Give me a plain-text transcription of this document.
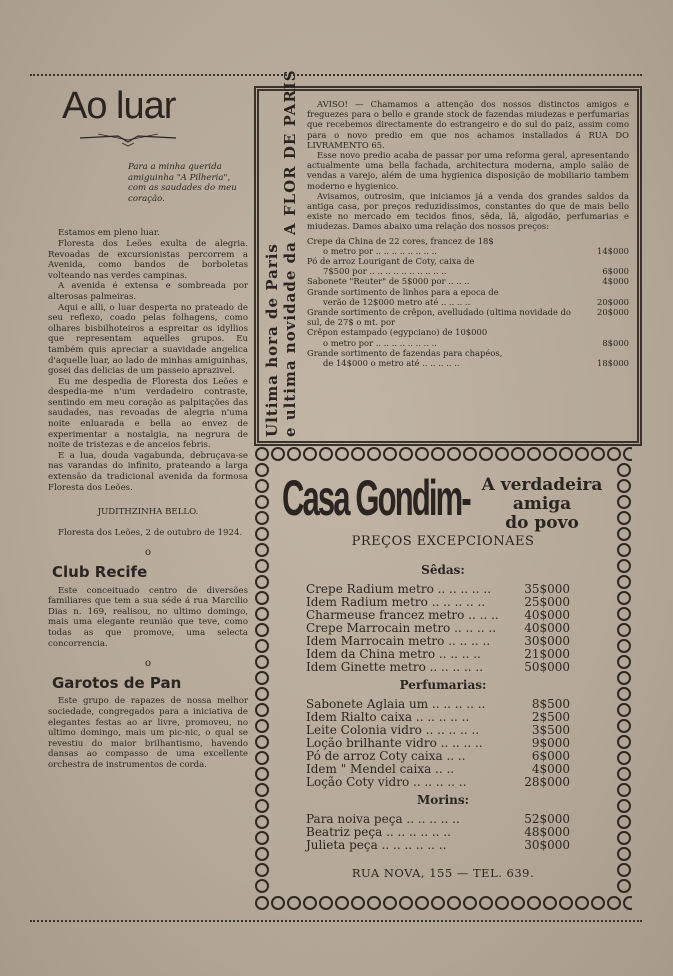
Ao luar
Para a minha querida
amiguinha "A Pilheria",
com as saudades do meu
coração.

Estamos em pleno luar.

Floresta dos Leões exulta de alegria. Revoadas de excursionistas percorrem a Avenida, como bandos de borboletas volteando nas verdes campinas.

A avenida é extensa e sombreada por alterosas palmeiras.

Aqui e alli, o luar desperta no prateado de seu reflexo, coado pelas folhagens, como olhares bisbilhoteiros a espreitar os idyllios que representam aquelles grupos. Eu também quis apreciar a suavidade angelica d'aquelle luar, ao lado de minhas amiguinhas, gosei das delicias de um passeio aprazivel.

Eu me despedia de Floresta dos Leões e despedia-me n'um verdadeiro contraste, sentindo em meu coração as palpitações das saudades, nas revoadas de alegria n'uma noite enluarada e bella ao envez de experimentar a nostalgia, na negrura de noite de tristezas e de anceios febris.

E a lua, douda vagabunda, debruçava-se nas varandas do infinito, prateando a larga extensão da tradicional avenida da formosa Floresta dos Leões.

JUDITHZINHA BELLO.

Floresta dos Leões, 2 de outubro de 1924.

o
Club Recife

Este conceituado centro de diversões familiares que tem a sua séde á rua Marcilio Dias n. 169, realisou, no ultimo domingo, mais uma elegante reunião que teve, como todas as que promove, uma selecta concorrencia.

o
Garotos de Pan

Este grupo de rapazes de nossa melhor sociedade, congregados para a iniciativa de elegantes festas ao ar livre, promoveu, no ultimo domingo, mais um pic-nic, o qual se revestiu do maior brilhantismo, havendo dansas ao compasso de uma excellente orchestra de instrumentos de corda.

Ultima hora de Paris e ultima novidade da A FLOR DE PARIS	AVISO! — Chamamos a attenção dos nossos distinctos amigos e freguezes para o bello e grande stock de fazendas miudezas e perfumarias que recebemos directamente do estrangeiro e do sul do paiz, assim como para o novo predio em que nos achamos installados á RUA DO LIVRAMENTO 65.

Esse novo predio acaba de passar por uma reforma geral, apresentando actualmente uma bella fachada, architectura moderna, amplo salão de vendas a varejo, além de uma hygienica disposição de mobiliario tambem moderno e hygienico.

Avisamos, outrosim, que iniciamos já a venda dos grandes saldos da antiga casa, por preços reduzidissimos, constantes do que de mais bello existe no mercado em tecidos finos, sêda, lã, algodão, perfumarias e miudezas. Damos abaixo uma relação dos nossos preços:

Crepe da China de 22 cores, francez de 18$
o metro por .. .. .. .. .. .. .. ..	14$000
Pó de arroz Lourigant de Coty, caixa de
7$500 por .. .. .. .. .. .. .. .. .. ..	6$000
Sabonete "Reuter" de 5$000 por .. .. ..	4$000
Grande sortimento de linhos para a epoca de
verão de 12$000 metro até .. .. .. ..	20$000
Grande sortimento de crêpon, avelludado (ultima novidade do sul, de 27$ o mt. por
20$000
Crêpon estampado (egypciano) de 10$000
o metro por .. .. .. .. .. .. .. ..	8$000
Grande sortimento de fazendas para chapéos,
de 14$000 o metro até .. .. .. .. ..	18$000
Casa Gondim- A verdadeira
amiga
do povo
PREÇOS EXCEPCIONAES
Sêdas:
Crepe Radium metro .. .. .. .. ..	35$000
Idem Radium metro .. .. .. .. ..	25$000
Charmeuse francez metro .. .. ..	40$000
Crepe Marrocain metro .. .. .. ..	40$000
Idem Marrocain metro .. .. .. ..	30$000
Idem da China metro .. .. .. ..	21$000
Idem Ginette metro .. .. .. .. ..	50$000
Perfumarias:
Sabonete Aglaia um .. .. .. .. ..	8$500
Idem Rialto caixa .. .. .. .. ..	2$500
Leite Colonia vidro .. .. .. .. ..	3$500
Loção brilhante vidro .. .. .. ..	9$000
Pó de arroz Coty caixa .. ..	6$000
Idem " Mendel caixa .. ..	4$000
Loção Coty vidro .. .. .. .. ..	28$000
Morins:
Para noiva peça .. .. .. .. ..	52$000
Beatriz peça .. .. .. .. .. ..	48$000
Julieta peça .. .. .. .. .. ..	30$000
RUA NOVA, 155 — TEL. 639.
